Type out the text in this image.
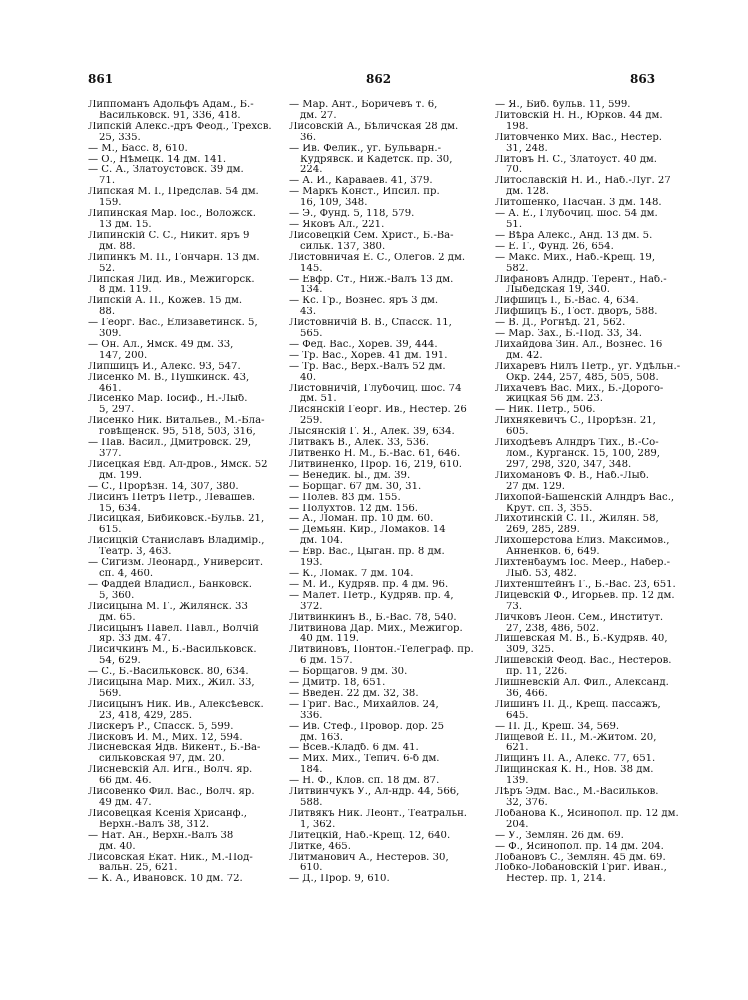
861	862	863
Липпоманъ Адольфъ Адам., Б.-
Васильковск. 91, 336, 418.
Липскій Алекс.-дръ Феод., Трехсв.
25, 335.
— М., Басс. 8, 610.
— О., Нѣмецк. 14 дм. 141.
— С. А., Златоустовск. 39 дм.
71.
Липская М. I., Предслав. 54 дм.
159.
Липинская Мар. Іос., Воложск.
13 дм. 15.
Липинскій С. С., Никит. яръ 9
дм. 88.
Липинкъ М. П., Гончарн. 13 дм.
52.
Липская Лид. Ив., Межигорск.
8 дм. 119.
Липскій А. П., Кожев. 15 дм.
88.
— Георг. Вас., Елизаветинск. 5,
309.
— Он. Ал., Ямск. 49 дм. 33,
147, 200.
Липшицъ И., Алекс. 93, 547.
Лисенко М. В., Пушкинск. 43,
461.
Лисенко Мар. Іосиф., Н.-Лыб.
5, 297.
Лисенко Ник. Витальев., М.-Бла-
говѣщенск. 95, 518, 503, 316,
— Пав. Васил., Дмитровск. 29,
377.
Лисецкая Евд. Ал-дров., Ямск. 52
дм. 199.
— С., Прорѣзн. 14, 307, 380.
Лисинъ Петръ Петр., Левашев.
15, 634.
Лисицкая, Бибиковск.-Бульв. 21,
615.
Лисицкій Станиславъ Владимір.,
Театр. 3, 463.
— Сигизм. Леонард., Университ.
сп. 4, 460.
— Фаддей Владисл., Банковск.
5, 360.
Лисицына М. Г., Жилянск. 33
дм. 65.
Лисицынъ Павел. Павл., Волчій
яр. 33 дм. 47.
Лисичкинъ М., Б.-Васильковск.
54, 629.
— С., Б.-Васильковск. 80, 634.
Лисицына Мар. Мих., Жил. 33,
569.
Лисицынъ Ник. Ив., Алексѣевск.
23, 418, 429, 285.
Лискеръ Р., Спасск. 5, 599.
Лисковъ И. М., Мих. 12, 594.
Лисневская Ядв. Викент., Б.-Ва-
сильковская 97, дм. 20.
Лисневскій Ал. Игн., Волч. яр.
66 дм. 46.
Лисовенко Фил. Вас., Волч. яр.
49 дм. 47.
Лисовецкая Ксенія Хрисанф.,
Верхн.-Валъ 38, 312.
— Нат. Ан., Верхн.-Валъ 38
дм. 40.
Лисовская Екат. Ник., М.-Под-
вальн. 25, 621.
— К. А., Ивановск. 10 дм. 72.
— Мар. Ант., Боричевъ т. 6,
дм. 27.
Лисовскій А., Бѣличская 28 дм.
36.
— Ив. Фелик., уг. Бульварн.-
Кудрявск. и Кадетск. пр. 30,
224.
— А. И., Караваев. 41, 379.
— Маркъ Конст., Ипсил. пр.
16, 109, 348.
— Э., Фунд. 5, 118, 579.
— Яковъ Ал., 221.
Лисовецкій Сем. Христ., Б.-Ва-
сильк. 137, 380.
Листовничая Е. С., Олегов. 2 дм.
145.
— Евфр. Ст., Ниж.-Валъ 13 дм.
134.
— Кс. Гр., Вознес. яръ 3 дм.
43.
Листовничій В. В., Спасск. 11,
565.
— Фед. Вас., Хорев. 39, 444.
— Тр. Вас., Хорев. 41 дм. 191.
— Тр. Вас., Верх.-Валъ 52 дм.
40.
Листовничій, Глубочиц. шос. 74
дм. 51.
Лисянскій Георг. Ив., Нестер. 26
259.
Лысянскій Г. Я., Алек. 39, 634.
Литвакъ В., Алек. 33, 536.
Литвенко Н. М., Б.-Вас. 61, 646.
Литвиненко, Прор. 16, 219, 610.
— Венедик. Ы., дм. 39.
— Борщаг. 67 дм. 30, 31.
— Полев. 83 дм. 155.
— Полухтов. 12 дм. 156.
— А., Ломан. пр. 10 дм. 60.
— Демьян. Кир., Ломаков. 14
дм. 104.
— Евр. Вас., Цыган. пр. 8 дм.
193.
— К., Ломак. 7 дм. 104.
— М. И., Кудряв. пр. 4 дм. 96.
— Малет. Петр., Кудряв. пр. 4,
372.
Литвинкинъ В., Б.-Вас. 78, 540.
Литвинова Дар. Мих., Межигор.
40 дм. 119.
Литвиновъ, Понтон.-Телеграф. пр.
6 дм. 157.
— Борщагов. 9 дм. 30.
— Дмитр. 18, 651.
— Введен. 22 дм. 32, 38.
— Григ. Вас., Михайлов. 24,
336.
— Ив. Стеф., Провор. дор. 25
дм. 163.
— Всев.-Кладб. 6 дм. 41.
— Мих. Мих., Тепич. 6-б дм.
184.
— Н. Ф., Клов. сп. 18 дм. 87.
Литвинчукъ У., Ал-ндр. 44, 566,
588.
Литвякъ Ник. Леонт., Театральн.
1, 362.
Литецкій, Наб.-Крещ. 12, 640.
Литке, 465.
Литманович А., Нестеров. 30,
610.
— Д., Прор. 9, 610.
— Я., Биб. бульв. 11, 599.
Литовскій Н. Н., Юрков. 44 дм.
198.
Литовченко Мих. Вас., Нестер.
31, 248.
Литовъ Н. С., Златоуст. 40 дм.
70.
Литославскій Н. И., Наб.-Луг. 27
дм. 128.
Литошенко, Пасчан. 3 дм. 148.
— А. Е., Глубочиц. шос. 54 дм.
51.
— Вѣра Алекс., Анд. 13 дм. 5.
— Е. Г., Фунд. 26, 654.
— Макс. Мих., Наб.-Крещ. 19,
582.
Лифановъ Алндр. Терент., Наб.-
Лыбедская 19, 340.
Лифшицъ І., Б.-Вас. 4, 634.
Лифшицъ Б., Гост. дворъ, 588.
— В. Д., Рогнѣд. 21, 562.
— Мар. Зах., Б.-Под. 33, 34.
Лихайдова Зин. Ал., Вознес. 16
дм. 42.
Лихаревъ Нилъ Петр., уг. Удѣльн.-
Окр. 244, 257, 485, 505, 508.
Лихачевъ Вас. Мих., Б.-Дорого-
жицкая 56 дм. 23.
— Ник. Петр., 506.
Лихнякевичъ С., Прорѣзн. 21,
605.
Лиходѣевъ Алндръ Тих., В.-Со-
лом., Курганск. 15, 100, 289,
297, 298, 320, 347, 348.
Лихомановъ Ф. В., Наб.-Лыб.
27 дм. 129.
Лихопой-Башенскій Алндръ Вас.,
Крут. сп. 3, 355.
Лихотинскій С. П., Жилян. 58,
269, 285, 289.
Лихошерстова Елиз. Максимов.,
Анненков. 6, 649.
Лихтенбаумъ Іос. Меер., Набер.-
Лыб. 53, 482.
Лихтенштейнъ Г., Б.-Вас. 23, 651.
Лицевскій Ф., Игорьев. пр. 12 дм.
73.
Личковъ Леон. Сем., Институт.
27, 238, 486, 502.
Лишевская М. В., Б.-Кудряв. 40,
309, 325.
Лишевскій Феод. Вас., Нестеров.
пр. 11, 226.
Лишневскій Ал. Фил., Александ.
36, 466.
Лишинъ П. Д., Крещ. пассажъ,
645.
— П. Д., Креш. 34, 569.
Лищевой Е. П., М.-Житом. 20,
621.
Лищинъ П. А., Алекс. 77, 651.
Лищинская К. Н., Нов. 38 дм.
139.
Лѣръ Эдм. Вас., М.-Васильков.
32, 376.
Лобанова К., Ясинопол. пр. 12 дм.
204.
— У., Землян. 26 дм. 69.
— Ф., Ясинопол. пр. 14 дм. 204.
Лобановъ С., Землян. 45 дм. 69.
Лобко-Лобановскій Григ. Иван.,
Нестер. пр. 1, 214.
